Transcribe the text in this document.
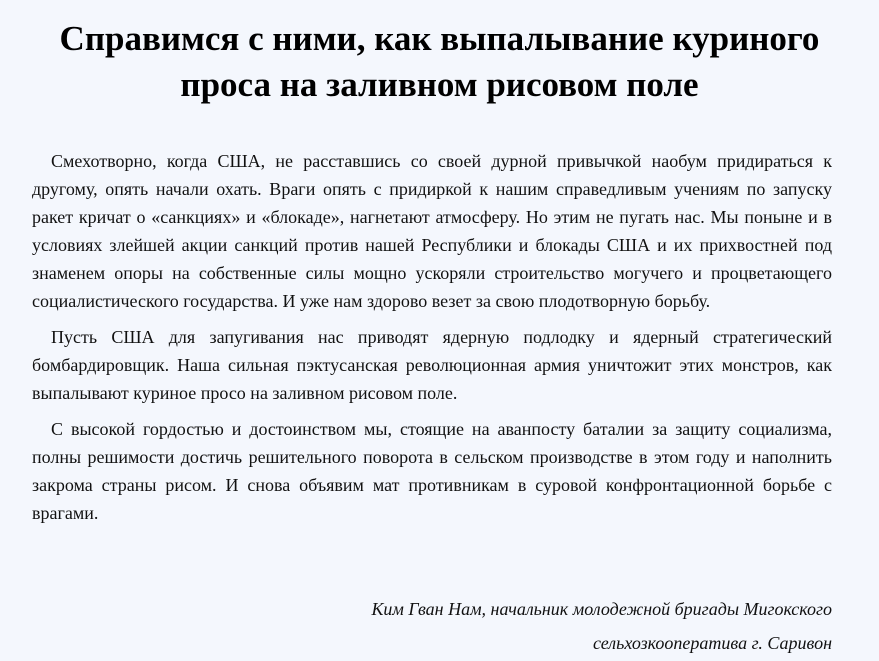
Справимся с ними, как выпалывание куриного проса на заливном рисовом поле

Смехотворно, когда США, не расставшись со своей дурной привычкой наобум придираться к другому, опять начали охать. Враги опять с придиркой к нашим справедливым учениям по запуску ракет кричат о «санкциях» и «блокаде», нагнетают атмосферу. Но этим не пугать нас. Мы поныне и в условиях злейшей акции санкций против нашей Республики и блокады США и их прихвостней под знаменем опоры на собственные силы мощно ускоряли строительство могучего и процветающего социалистического государства. И уже нам здорово везет за свою плодотворную борьбу.

Пусть США для запугивания нас приводят ядерную подлодку и ядерный стратегический бомбардировщик. Наша сильная пэктусанская революционная армия уничтожит этих монстров, как выпалывают куриное просо на заливном рисовом поле.

С высокой гордостью и достоинством мы, стоящие на аванпосту баталии за защиту социализма, полны решимости достичь решительного поворота в сельском производстве в этом году и наполнить закрома страны рисом. И снова объявим мат противникам в суровой конфронтационной борьбе с врагами.

Ким Гван Нам, начальник молодежной бригады Мигокского
сельхозкооператива г. Саривон
